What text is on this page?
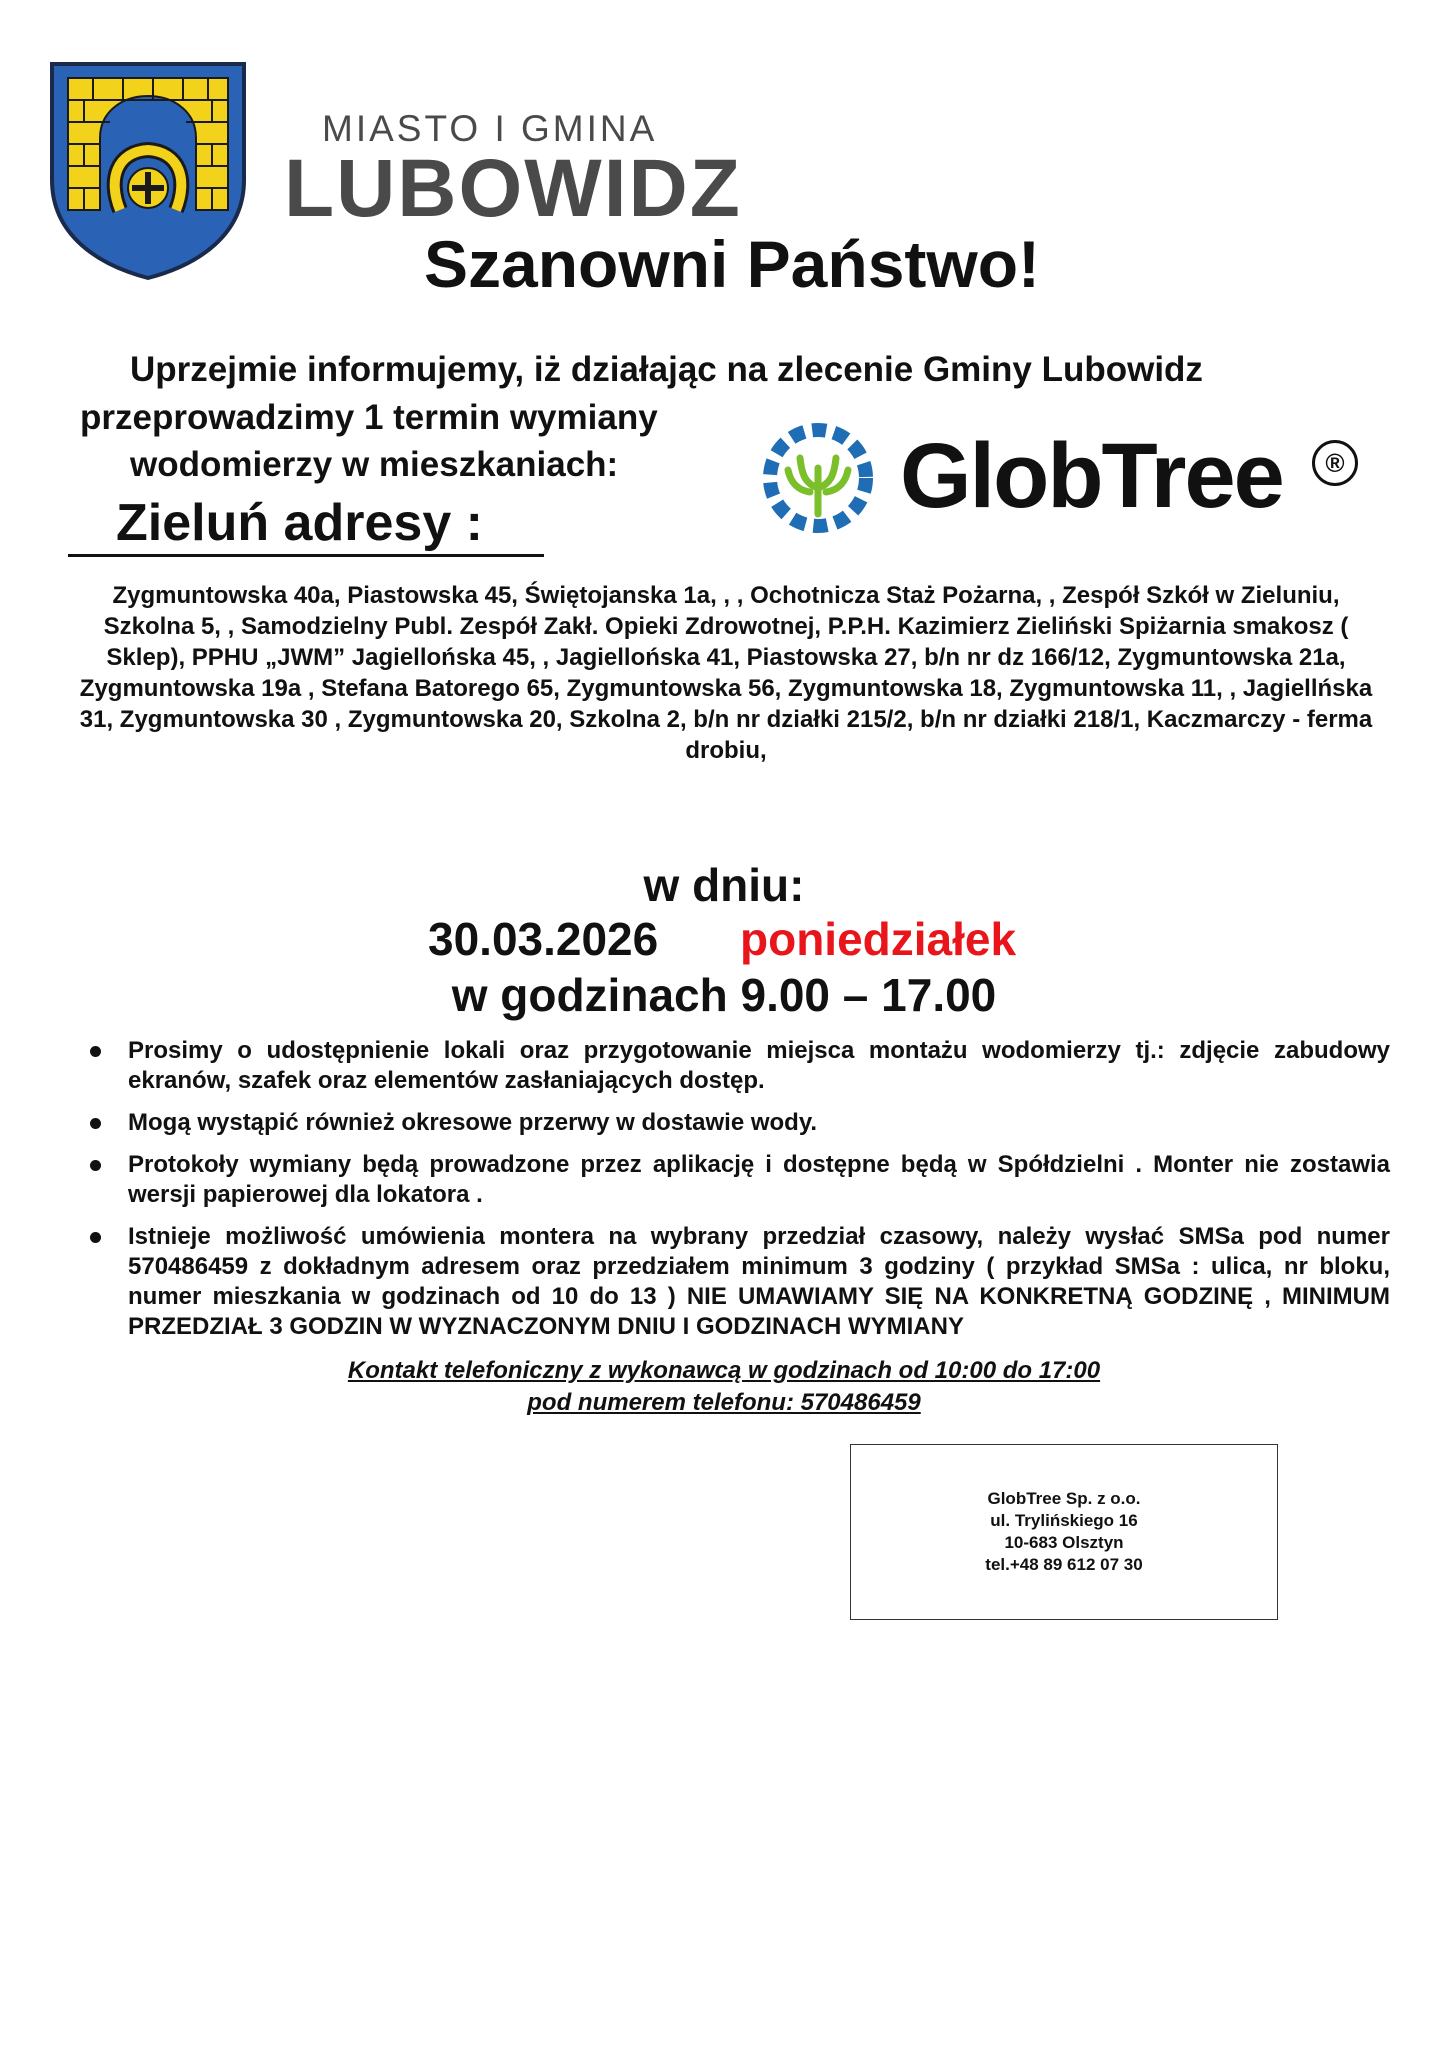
MIASTO I GMINA
LUBOWIDZ
Szanowni Państwo!
Uprzejmie informujemy, iż działając na zlecenie Gminy Lubowidz
przeprowadzimy 1 termin wymiany
wodomierzy w mieszkaniach:
Zieluń adresy :	GlobTree	®
Zygmuntowska 40a, Piastowska 45, Świętojanska 1a, , , Ochotnicza Staż Pożarna, , Zespół Szkół w Zieluniu, Szkolna 5, , Samodzielny Publ. Zespół Zakł. Opieki Zdrowotnej, P.P.H. Kazimierz Zieliński Spiżarnia smakosz ( Sklep), PPHU „JWM” Jagiellońska 45, , Jagiellońska 41, Piastowska 27, b/n nr dz 166/12, Zygmuntowska 21a, Zygmuntowska 19a , Stefana Batorego 65, Zygmuntowska 56, Zygmuntowska 18, Zygmuntowska 11, , Jagiellńska 31, Zygmuntowska 30 , Zygmuntowska 20, Szkolna 2, b/n nr działki 215/2, b/n nr działki 218/1, Kaczmarczy - ferma drobiu,
w dniu:
30.03.2026 poniedziałek
w godzinach 9.00 – 17.00
Prosimy o udostępnienie lokali oraz przygotowanie miejsca montażu wodomierzy tj.: zdjęcie zabudowy ekranów, szafek oraz elementów zasłaniających dostęp.
Mogą wystąpić również okresowe przerwy w dostawie wody.
Protokoły wymiany będą prowadzone przez aplikację i dostępne będą w Spółdzielni . Monter nie zostawia wersji papierowej dla lokatora .
Istnieje możliwość umówienia montera na wybrany przedział czasowy, należy wysłać SMSa pod numer 570486459 z dokładnym adresem oraz przedziałem minimum 3 godziny ( przykład SMSa : ulica, nr bloku, numer mieszkania w godzinach od 10 do 13 ) NIE UMAWIAMY SIĘ NA KONKRETNĄ GODZINĘ , MINIMUM PRZEDZIAŁ 3 GODZIN W WYZNACZONYM DNIU I GODZINACH WYMIANY
Kontakt telefoniczny z wykonawcą w godzinach od 10:00 do 17:00
pod numerem telefonu: 570486459
GlobTree Sp. z o.o.
ul. Trylińskiego 16
10-683 Olsztyn
tel.+48 89 612 07 30
